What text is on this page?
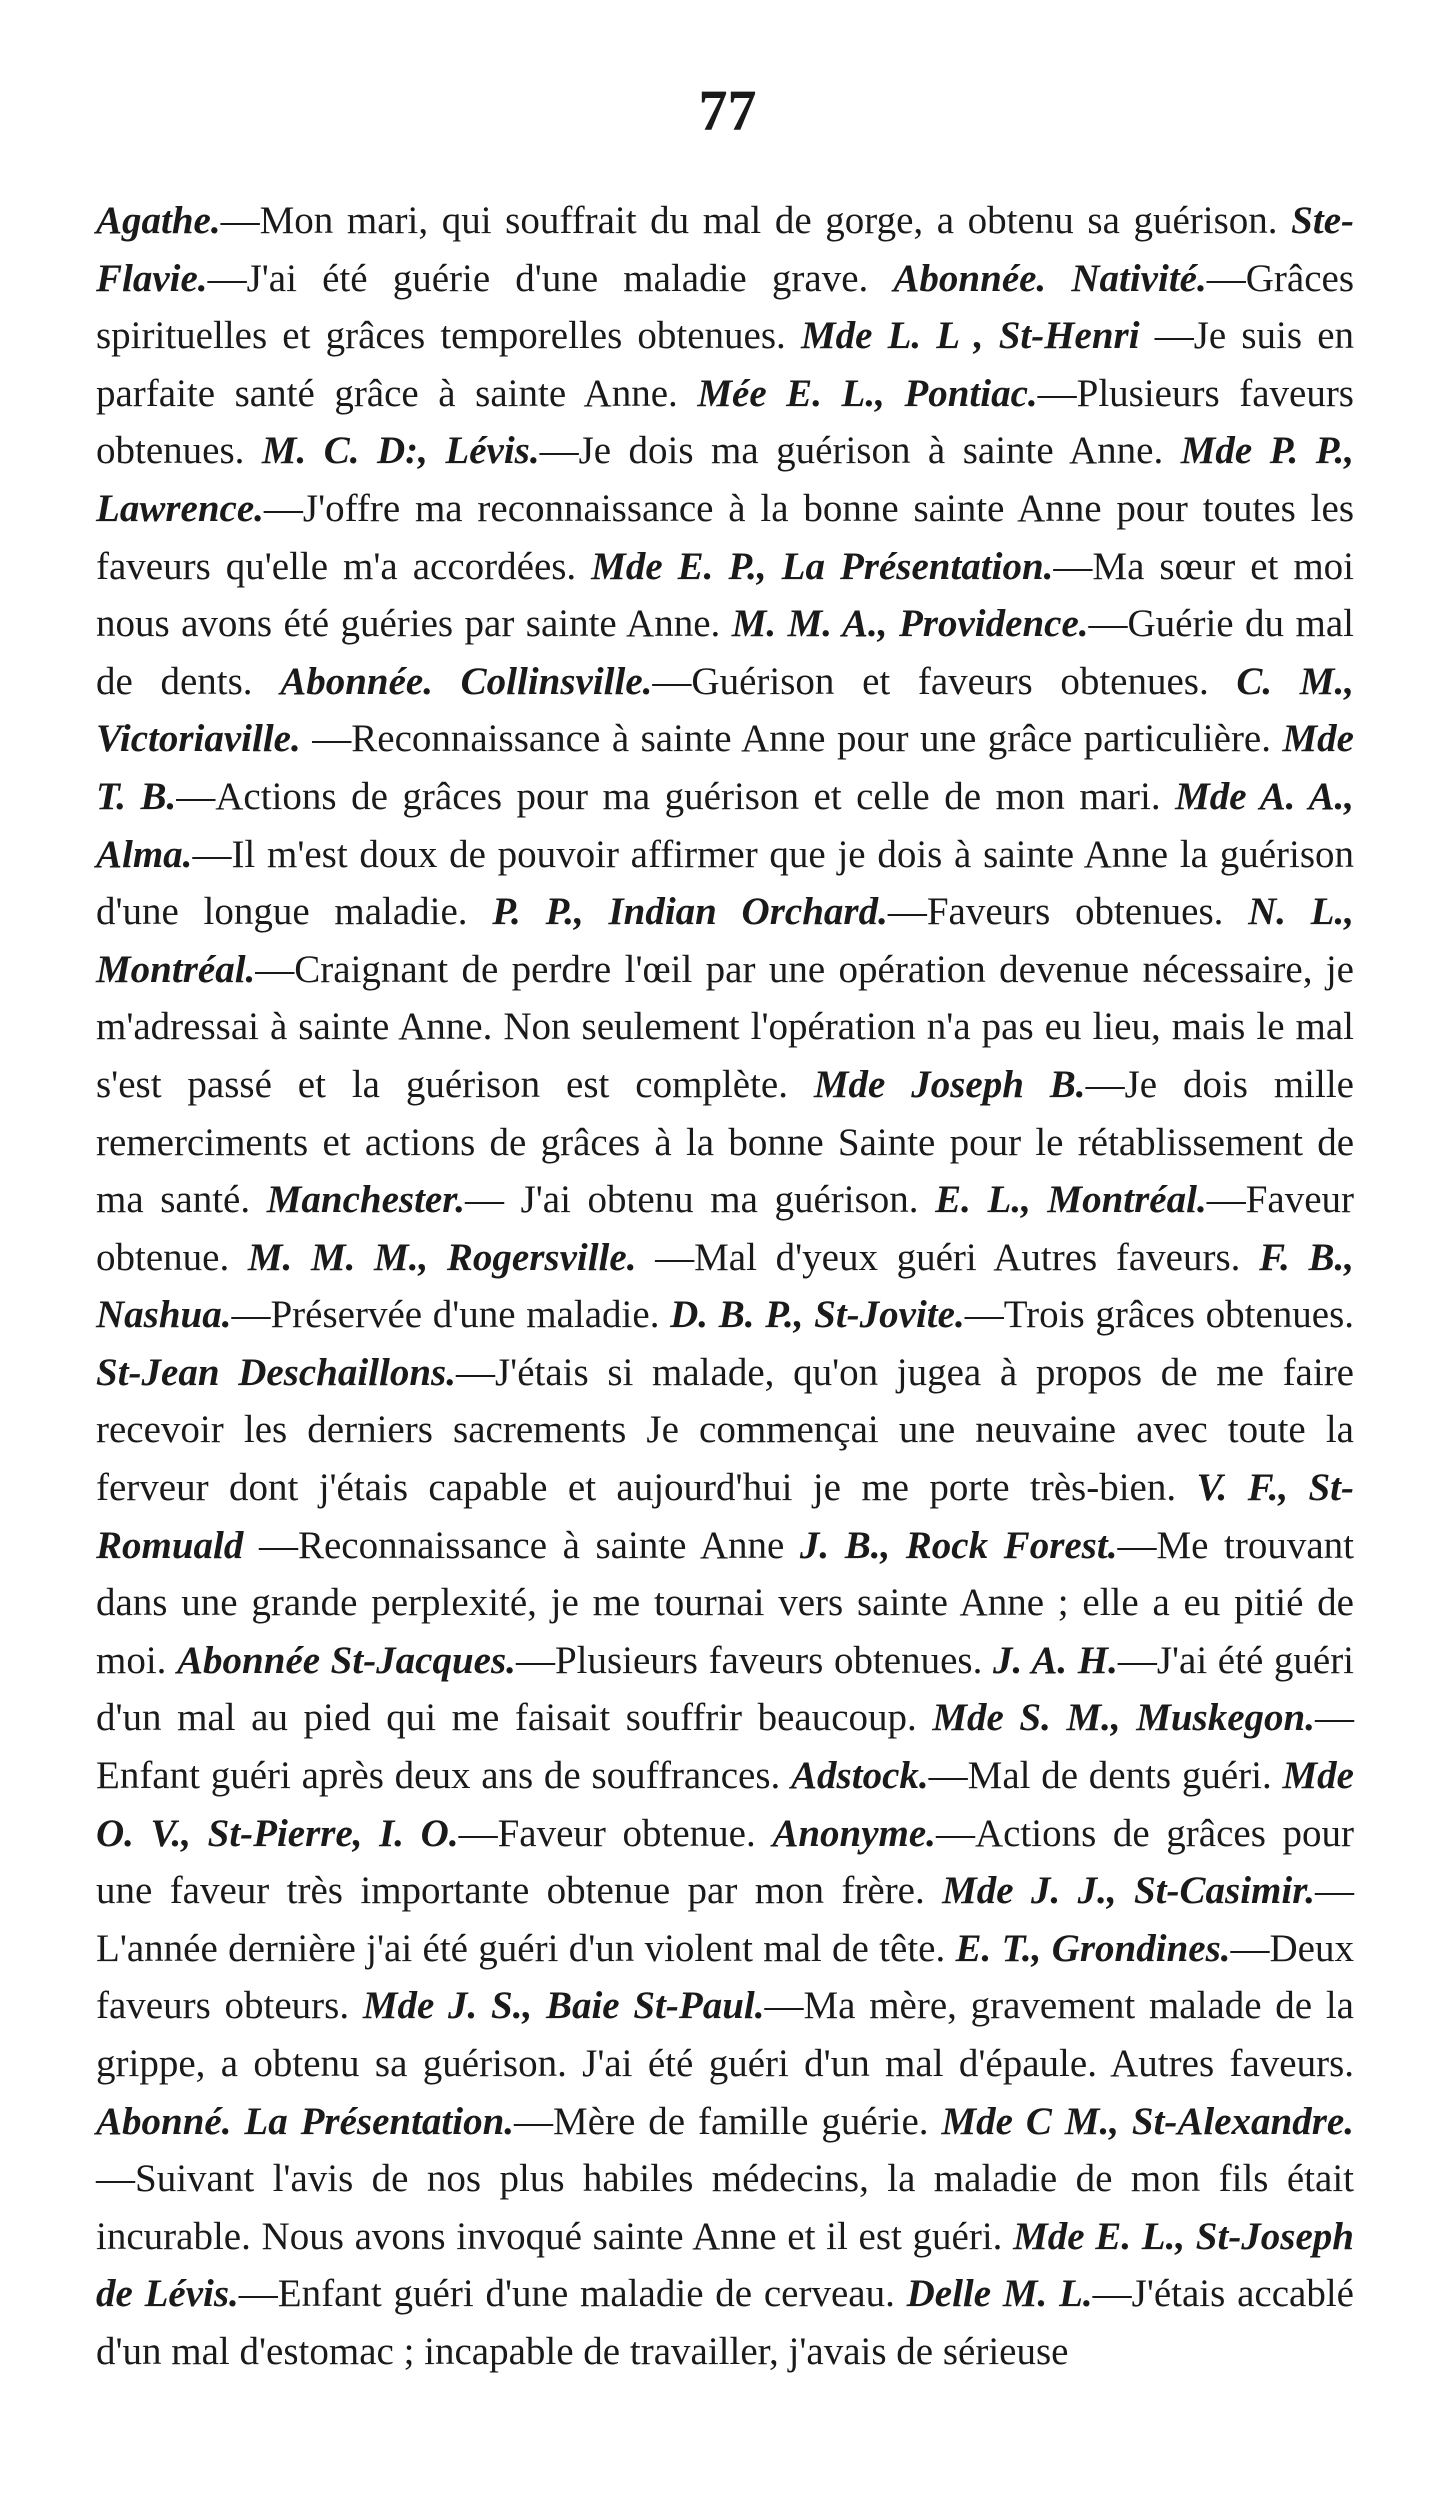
77
Agathe.—Mon mari, qui souffrait du mal de gorge, a obtenu sa guérison. Ste-Flavie.—J'ai été guérie d'une maladie grave. Abonnée. Nativité.—Grâces spirituelles et grâces temporelles obtenues. Mde L. L , St-Henri —Je suis en parfaite santé grâce à sainte Anne. Mée E. L., Pontiac.—Plusieurs faveurs obtenues. M. C. D:, Lévis.—Je dois ma guérison à sainte Anne. Mde P. P., Lawrence.—J'offre ma reconnaissance à la bonne sainte Anne pour toutes les faveurs qu'elle m'a accordées. Mde E. P., La Présentation.—Ma sœur et moi nous avons été guéries par sainte Anne. M. M. A., Providence.—Guérie du mal de dents. Abonnée. Collinsville.—Guérison et faveurs obtenues. C. M., Victoriaville. —Reconnaissance à sainte Anne pour une grâce particulière. Mde T. B.—Actions de grâces pour ma guérison et celle de mon mari. Mde A. A., Alma.—Il m'est doux de pouvoir affirmer que je dois à sainte Anne la guérison d'une longue maladie. P. P., Indian Orchard.—Faveurs obtenues. N. L., Montréal.—Craignant de perdre l'œil par une opération devenue nécessaire, je m'adressai à sainte Anne. Non seulement l'opération n'a pas eu lieu, mais le mal s'est passé et la guérison est complète. Mde Joseph B.—Je dois mille remerciments et actions de grâces à la bonne Sainte pour le rétablissement de ma santé. Manchester.— J'ai obtenu ma guérison. E. L., Montréal.—Faveur obtenue. M. M. M., Rogersville. —Mal d'yeux guéri Autres faveurs. F. B., Nashua.—Préservée d'une maladie. D. B. P., St-Jovite.—Trois grâces obtenues. St-Jean Deschaillons.—J'étais si malade, qu'on jugea à propos de me faire recevoir les derniers sacrements Je commençai une neuvaine avec toute la ferveur dont j'étais capable et aujourd'hui je me porte très-bien. V. F., St-Romuald —Reconnaissance à sainte Anne J. B., Rock Forest.—Me trouvant dans une grande perplexité, je me tournai vers sainte Anne ; elle a eu pitié de moi. Abonnée St-Jacques.—Plusieurs faveurs obtenues. J. A. H.—J'ai été guéri d'un mal au pied qui me faisait souffrir beaucoup. Mde S. M., Muskegon.—Enfant guéri après deux ans de souffrances. Adstock.—Mal de dents guéri. Mde O. V., St-Pierre, I. O.—Faveur obtenue. Anonyme.—Actions de grâces pour une faveur très importante obtenue par mon frère. Mde J. J., St-Casimir.— L'année dernière j'ai été guéri d'un violent mal de tête. E. T., Grondines.—Deux faveurs obteurs. Mde J. S., Baie St-Paul.—Ma mère, gravement malade de la grippe, a obtenu sa guérison. J'ai été guéri d'un mal d'épaule. Autres faveurs. Abonné. La Présentation.—Mère de famille guérie. Mde C M., St-Alexandre.—Suivant l'avis de nos plus habiles médecins, la maladie de mon fils était incurable. Nous avons invoqué sainte Anne et il est guéri. Mde E. L., St-Joseph de Lévis.—Enfant guéri d'une maladie de cerveau. Delle M. L.—J'étais accablé d'un mal d'estomac ; incapable de travailler, j'avais de sérieuse
